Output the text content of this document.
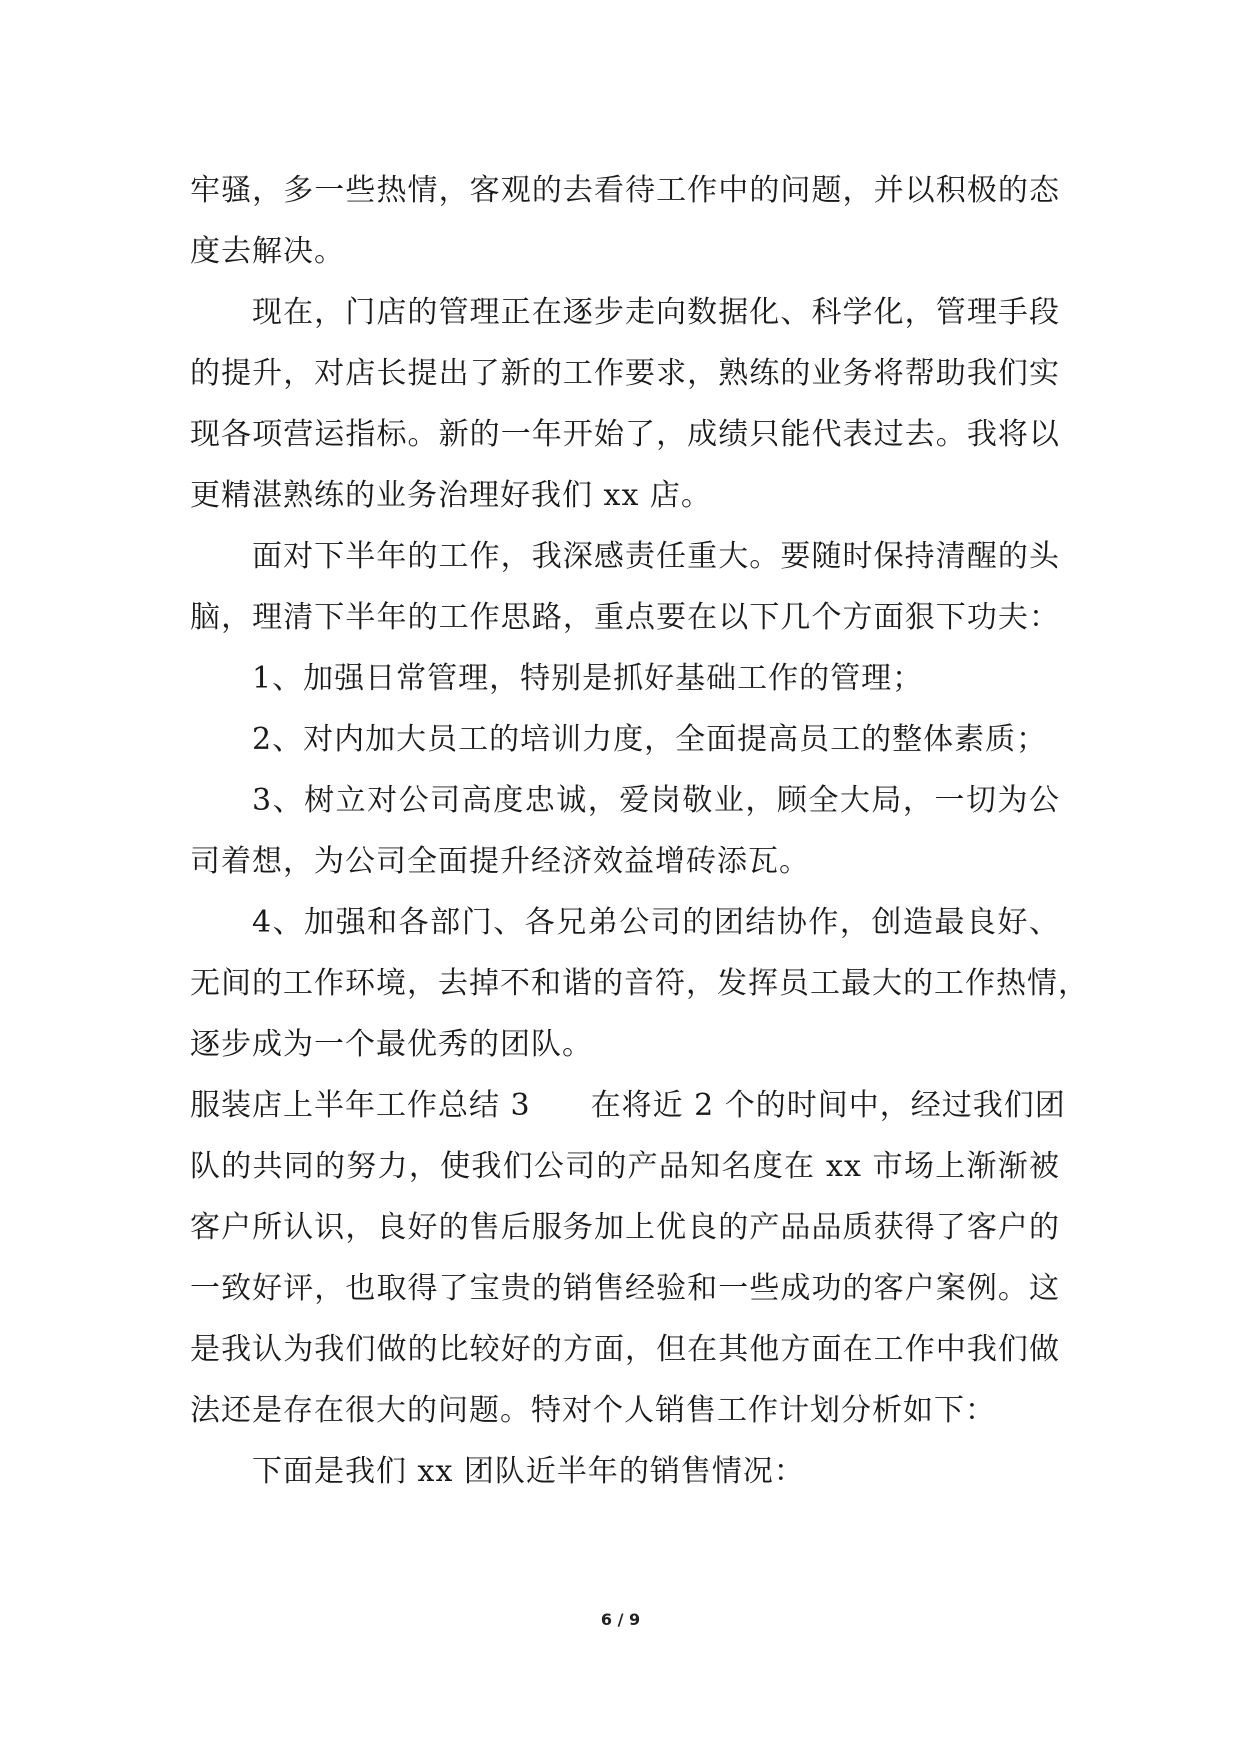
牢骚，多一些热情，客观的去看待工作中的问题，并以积极的态
度去解决。
现在，门店的管理正在逐步走向数据化、科学化，管理手段
的提升，对店长提出了新的工作要求，熟练的业务将帮助我们实
现各项营运指标。新的一年开始了，成绩只能代表过去。我将以
更精湛熟练的业务治理好我们 xx 店。
面对下半年的工作，我深感责任重大。要随时保持清醒的头
脑，理清下半年的工作思路，重点要在以下几个方面狠下功夫：
1、加强日常管理，特别是抓好基础工作的管理；
2、对内加大员工的培训力度，全面提高员工的整体素质；
3、树立对公司高度忠诚，爱岗敬业，顾全大局，一切为公
司着想，为公司全面提升经济效益增砖添瓦。
4、加强和各部门、各兄弟公司的团结协作，创造最良好、
无间的工作环境，去掉不和谐的音符，发挥员工最大的工作热情，
逐步成为一个最优秀的团队。
服装店上半年工作总结 3 在将近 2 个的时间中，经过我们团
队的共同的努力，使我们公司的产品知名度在 xx 市场上渐渐被
客户所认识，良好的售后服务加上优良的产品品质获得了客户的
一致好评，也取得了宝贵的销售经验和一些成功的客户案例。这
是我认为我们做的比较好的方面，但在其他方面在工作中我们做
法还是存在很大的问题。特对个人销售工作计划分析如下：
下面是我们 xx 团队近半年的销售情况：
6 / 9
